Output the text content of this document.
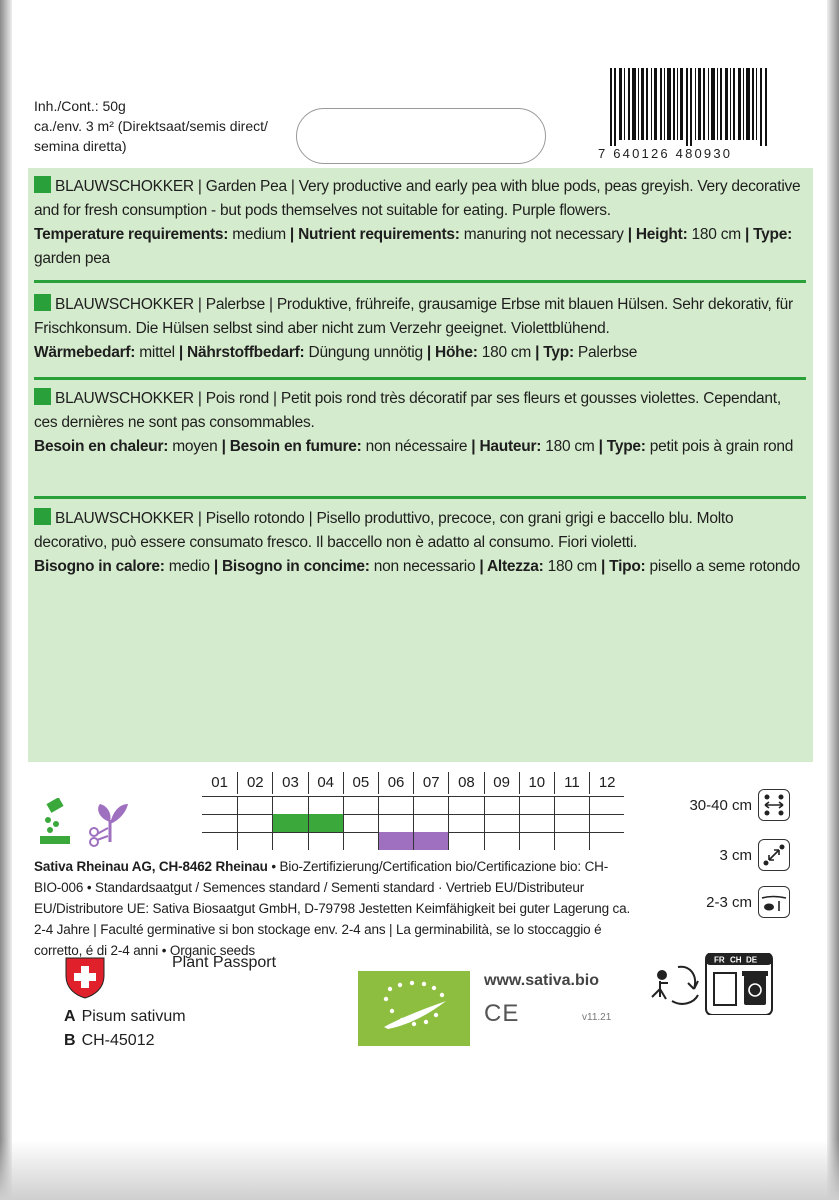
Inh./Cont.: 50g
ca./env. 3 m² (Direktsaat/semis direct/
semina diretta)	7 640126 480930
BLAUWSCHOKKER | Garden Pea | Very productive and early pea with blue pods, peas greyish. Very decorative and for fresh consumption - but pods themselves not suitable for eating. Purple flowers.
Temperature requirements: medium | Nutrient requirements: manuring not necessary | Height: 180 cm | Type: garden pea
BLAUWSCHOKKER | Palerbse | Produktive, frühreife, grausamige Erbse mit blauen Hülsen. Sehr dekorativ, für Frischkonsum. Die Hülsen selbst sind aber nicht zum Verzehr geeignet. Violettblühend.
Wärmebedarf: mittel | Nährstoffbedarf: Düngung unnötig | Höhe: 180 cm | Typ: Palerbse
BLAUWSCHOKKER | Pois rond | Petit pois rond très décoratif par ses fleurs et gousses violettes. Cependant, ces dernières ne sont pas consommables.
Besoin en chaleur: moyen | Besoin en fumure: non nécessaire | Hauteur: 180 cm | Type: petit pois à grain rond
BLAUWSCHOKKER | Pisello rotondo | Pisello produttivo, precoce, con grani grigi e baccello blu. Molto decorativo, può essere consumato fresco. Il baccello non è adatto al consumo. Fiori violetti.
Bisogno in calore: medio | Bisogno in concime: non necessario | Altezza: 180 cm | Tipo: pisello a seme rotondo
01	02	03	04	05	06	07	08	09	10	11	12
30-40 cm
3 cm
2-3 cm
Sativa Rheinau AG, CH-8462 Rheinau • Bio-Zertifizierung/Certification bio/Certificazione bio: CH-BIO-006 • Standardsaatgut / Semences standard / Sementi standard · Vertrieb EU/Distributeur EU/Distributore UE: Sativa Biosaatgut GmbH, D-79798 Jestetten Keimfähigkeit bei guter Lagerung ca. 2-4 Jahre | Faculté germinative si bon stockage env. 2-4 ans | La germinabilità, se lo stoccaggio é corretto, é di 2-4 anni • Organic seeds
Plant Passport
A Pisum sativum
B CH-45012
www.sativa.bio
CE	v11.21
FR CH DE
